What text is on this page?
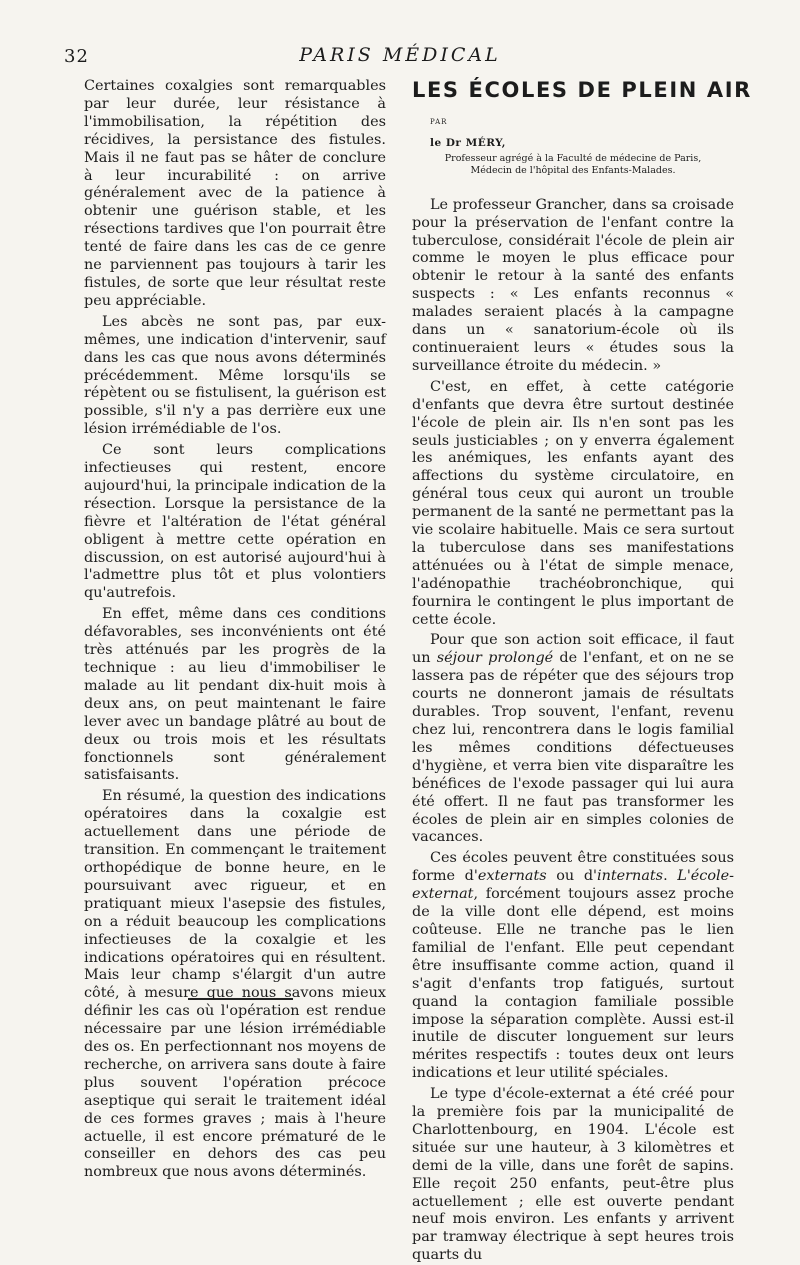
32	PARIS MÉDICAL

Certaines coxalgies sont remarquables par leur durée, leur résistance à l'immobilisation, la répétition des récidives, la persistance des fistules. Mais il ne faut pas se hâter de conclure à leur incurabilité : on arrive généralement avec de la patience à obtenir une guérison stable, et les résections tardives que l'on pourrait être tenté de faire dans les cas de ce genre ne parviennent pas toujours à tarir les fistules, de sorte que leur résultat reste peu appréciable.

Les abcès ne sont pas, par eux-mêmes, une indication d'intervenir, sauf dans les cas que nous avons déterminés précédemment. Même lorsqu'ils se répètent ou se fistulisent, la guérison est possible, s'il n'y a pas derrière eux une lésion irrémédiable de l'os.

Ce sont leurs complications infectieuses qui restent, encore aujourd'hui, la principale indication de la résection. Lorsque la persistance de la fièvre et l'altération de l'état général obligent à mettre cette opération en discussion, on est autorisé aujourd'hui à l'admettre plus tôt et plus volontiers qu'autrefois.

En effet, même dans ces conditions défavorables, ses inconvénients ont été très atténués par les progrès de la technique : au lieu d'immobiliser le malade au lit pendant dix-huit mois à deux ans, on peut maintenant le faire lever avec un bandage plâtré au bout de deux ou trois mois et les résultats fonctionnels sont généralement satisfaisants.

En résumé, la question des indications opératoires dans la coxalgie est actuellement dans une période de transition. En commençant le traitement orthopédique de bonne heure, en le poursuivant avec rigueur, et en pratiquant mieux l'asepsie des fistules, on a réduit beaucoup les complications infectieuses de la coxalgie et les indications opératoires qui en résultent. Mais leur champ s'élargit d'un autre côté, à mesure que nous savons mieux définir les cas où l'opération est rendue nécessaire par une lésion irrémédiable des os. En perfectionnant nos moyens de recherche, on arrivera sans doute à faire plus souvent l'opération précoce aseptique qui serait le traitement idéal de ces formes graves ; mais à l'heure actuelle, il est encore prématuré de le conseiller en dehors des cas peu nombreux que nous avons déterminés.

LES ÉCOLES DE PLEIN AIR

PAR

le Dr MÉRY,

Professeur agrégé à la Faculté de médecine de Paris,
Médecin de l'hôpital des Enfants-Malades.

Le professeur Grancher, dans sa croisade pour la préservation de l'enfant contre la tuberculose, considérait l'école de plein air comme le moyen le plus efficace pour obtenir le retour à la santé des enfants suspects : « Les enfants reconnus « malades seraient placés à la campagne dans un « sanatorium-école où ils continueraient leurs « études sous la surveillance étroite du médecin. »

C'est, en effet, à cette catégorie d'enfants que devra être surtout destinée l'école de plein air. Ils n'en sont pas les seuls justiciables ; on y enverra également les anémiques, les enfants ayant des affections du système circulatoire, en général tous ceux qui auront un trouble permanent de la santé ne permettant pas la vie scolaire habituelle. Mais ce sera surtout la tuberculose dans ses manifestations atténuées ou à l'état de simple menace, l'adénopathie trachéobronchique, qui fournira le contingent le plus important de cette école.

Pour que son action soit efficace, il faut un séjour prolongé de l'enfant, et on ne se lassera pas de répéter que des séjours trop courts ne donneront jamais de résultats durables. Trop souvent, l'enfant, revenu chez lui, rencontrera dans le logis familial les mêmes conditions défectueuses d'hygiène, et verra bien vite disparaître les bénéfices de l'exode passager qui lui aura été offert. Il ne faut pas transformer les écoles de plein air en simples colonies de vacances.

Ces écoles peuvent être constituées sous forme d'externats ou d'internats. L'école-externat, forcément toujours assez proche de la ville dont elle dépend, est moins coûteuse. Elle ne tranche pas le lien familial de l'enfant. Elle peut cependant être insuffisante comme action, quand il s'agit d'enfants trop fatigués, surtout quand la contagion familiale possible impose la séparation complète. Aussi est-il inutile de discuter longuement sur leurs mérites respectifs : toutes deux ont leurs indications et leur utilité spéciales.

Le type d'école-externat a été créé pour la première fois par la municipalité de Charlottenbourg, en 1904. L'école est située sur une hauteur, à 3 kilomètres et demi de la ville, dans une forêt de sapins. Elle reçoit 250 enfants, peut-être plus actuellement ; elle est ouverte pendant neuf mois environ. Les enfants y arrivent par tramway électrique à sept heures trois quarts du
